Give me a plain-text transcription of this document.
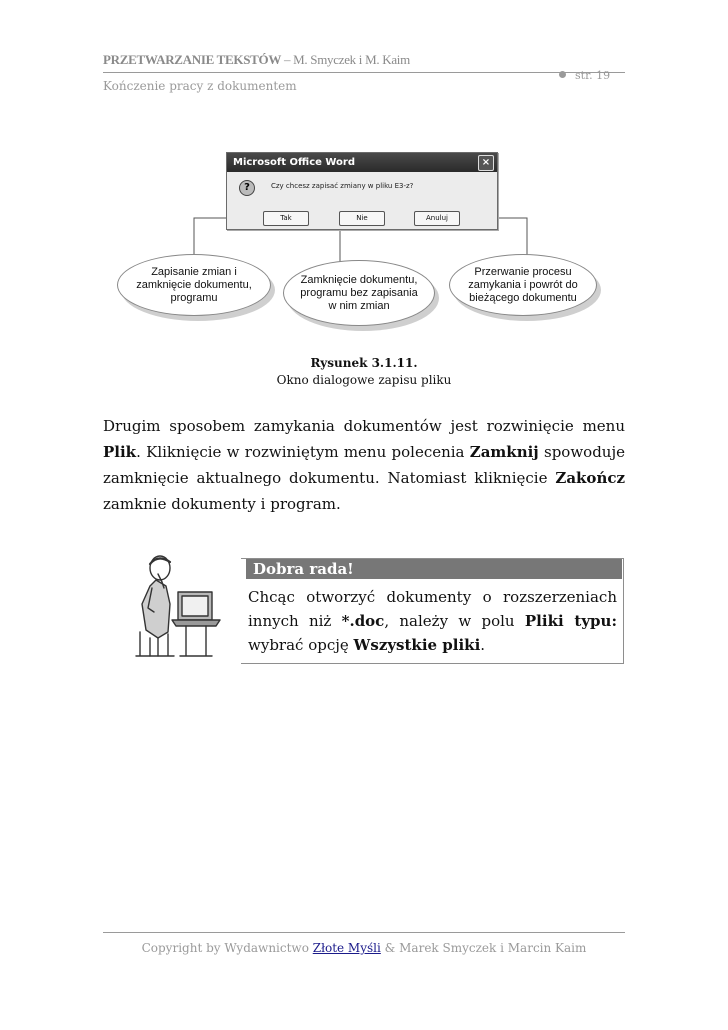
PRZETWARZANIE TEKSTÓW – M. Smyczek i M. Kaim
str. 19
Kończenie pracy z dokumentem
Microsoft Office Word	×
?	Czy chcesz zapisać zmiany w pliku E3-z?
Tak	Nie	Anuluj
Zapisanie zmian i zamknięcie dokumentu, programu
Zamknięcie dokumentu, programu bez zapisania w nim zmian
Przerwanie procesu zamykania i powrót do bieżącego dokumentu
Rysunek 3.1.11.
Okno dialogowe zapisu pliku

Drugim sposobem zamykania dokumentów jest rozwinięcie menu Plik. Kliknięcie w rozwiniętym menu polecenia Zamknij spowoduje zamknięcie aktualnego dokumentu. Natomiast kliknięcie Zakończ zamknie dokumenty i program.

Dobra rada!

Chcąc otworzyć dokumenty o rozszerzeniach innych niż *.doc, należy w polu Pliki typu: wybrać opcję Wszystkie pliki.

Copyright by Wydawnictwo Złote Myśli & Marek Smyczek i Marcin Kaim
